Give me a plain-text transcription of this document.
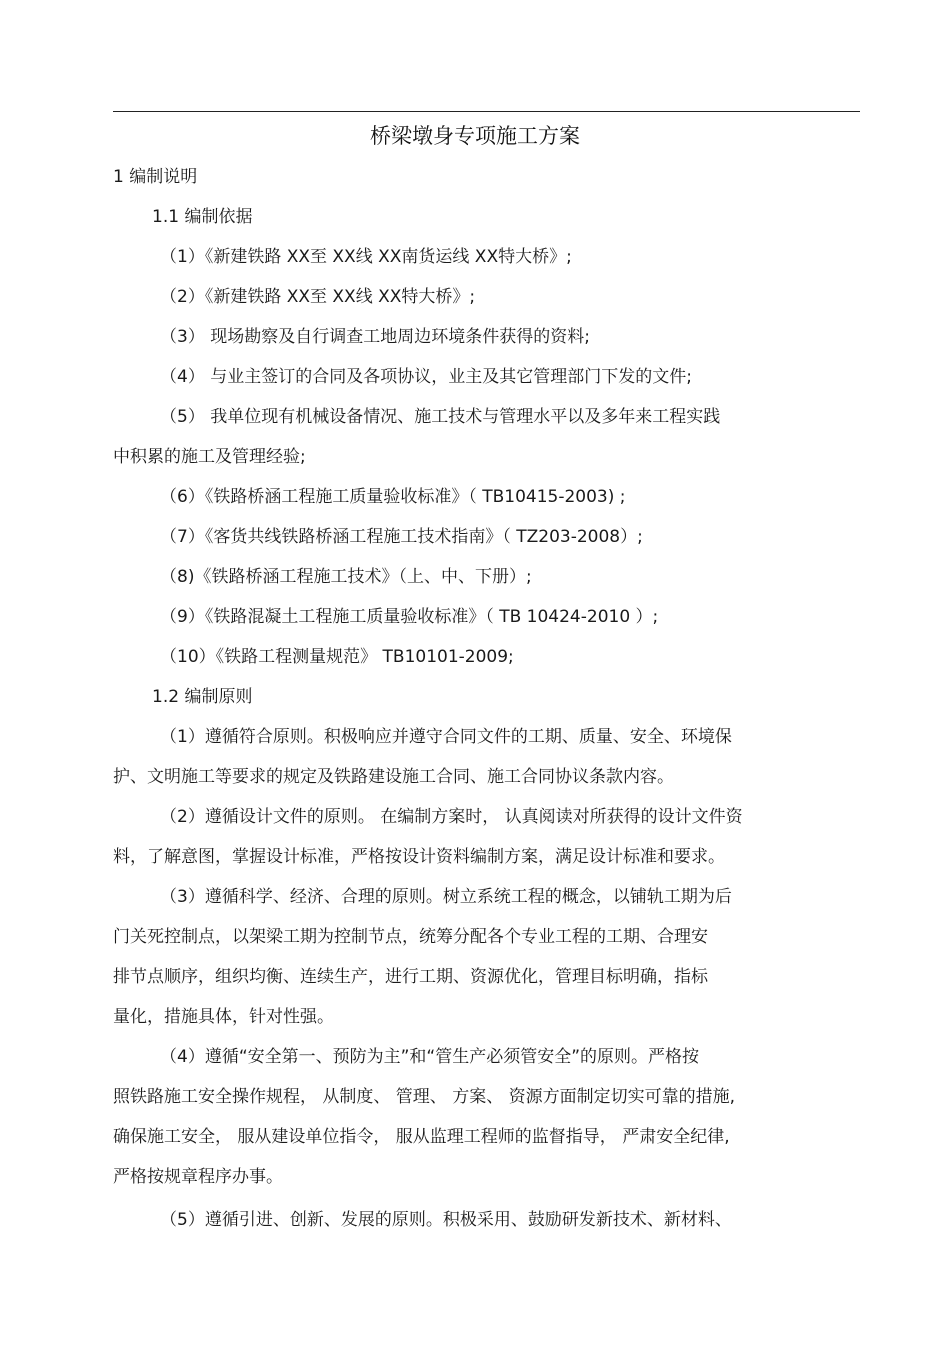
桥梁墩身专项施工方案
1 编制说明
1.1 编制依据
（1）《新建铁路 XX至 XX线 XX南货运线 XX特大桥》;
（2）《新建铁路 XX至 XX线 XX特大桥》;
（3） 现场勘察及自行调查工地周边环境条件获得的资料;
（4） 与业主签订的合同及各项协议，业主及其它管理部门下发的文件;
（5） 我单位现有机械设备情况、施工技术与管理水平以及多年来工程实践
中积累的施工及管理经验;
（6）《铁路桥涵工程施工质量验收标准》（ TB10415-2003) ;
（7）《客货共线铁路桥涵工程施工技术指南》（ TZ203-2008）;
（8)《铁路桥涵工程施工技术》（上、中、下册）;
（9）《铁路混凝土工程施工质量验收标准》（ TB 10424-2010 ）;
（10）《铁路工程测量规范》 TB10101-2009;
1.2 编制原则
（1）遵循符合原则。积极响应并遵守合同文件的工期、质量、安全、环境保
护、文明施工等要求的规定及铁路建设施工合同、施工合同协议条款内容。
（2）遵循设计文件的原则。 在编制方案时， 认真阅读对所获得的设计文件资
料，了解意图，掌握设计标准，严格按设计资料编制方案，满足设计标准和要求。
（3）遵循科学、经济、合理的原则。树立系统工程的概念，以铺轨工期为后
门关死控制点，以架梁工期为控制节点，统筹分配各个专业工程的工期、合理安
排节点顺序，组织均衡、连续生产，进行工期、资源优化，管理目标明确，指标
量化，措施具体，针对性强。
（4）遵循“安全第一、预防为主”和“管生产必须管安全”的原则。严格按
照铁路施工安全操作规程， 从制度、 管理、 方案、 资源方面制定切实可靠的措施,
确保施工安全， 服从建设单位指令， 服从监理工程师的监督指导， 严肃安全纪律,
严格按规章程序办事。
（5）遵循引进、创新、发展的原则。积极采用、鼓励研发新技术、新材料、
